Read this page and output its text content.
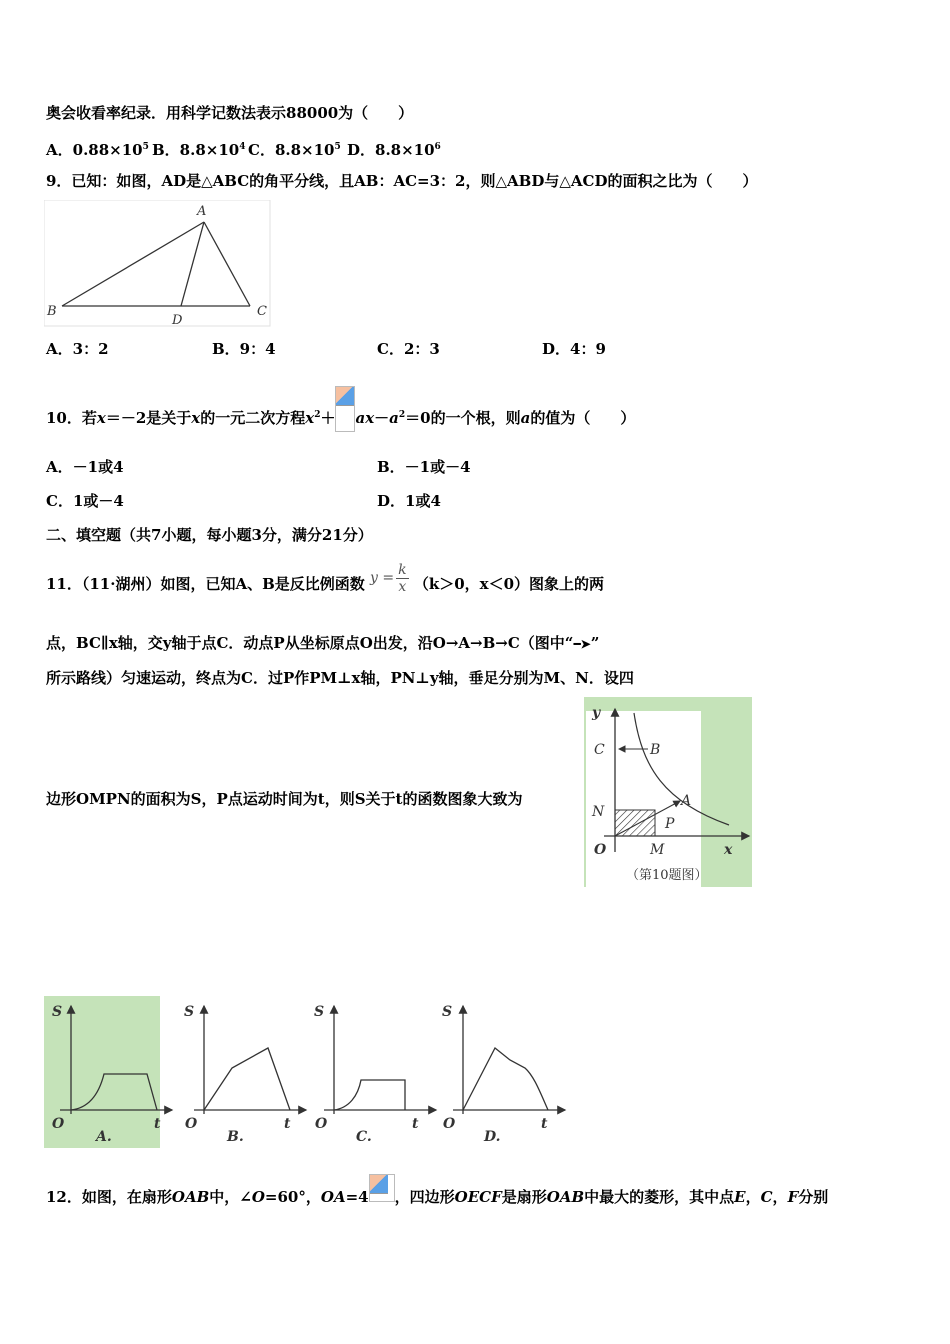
奥会收看率纪录．用科学记数法表示88000为（　　）
A．$0.88\times 10^5$ B．$8.8\times 10^4$ C．$8.8\times 10^5$ D．$8.8\times 10^6$
9．已知：如图，AD是△ABC的角平分线，且AB：AC=3：2，则△ABD与△ACD的面积之比为（　　）
A
B	C
D
A．3：2	B．9：4	C．2：3	D．4：9
10．若x＝－2是关于x的一元二次方程$x^2+ ax-a^2=0$的一个根，则a的值为（　　）
A．－1或4	B．－1或－4
C．1或－4	D．1或4
二、填空题（共7小题，每小题3分，满分21分）
11．（11·湖州）如图，已知A、B是反比例函数 $y = \frac{k}{x} (k>0$，x＜0）图象上的两
点，BC∥x轴，交y轴于点C．动点P从坐标原点O出发，沿O→A→B→C（图中“━➤”
所示路线）匀速运动，终点为C．过P作PM⊥x轴，PN⊥y轴，垂足分别为M、N．设四
边形OMPN的面积为S，P点运动时间为t，则S关于t的函数图象大致为
y
C	B
A
N
P
O	M	x
（第10题图）
S
O	t
A.
S
O	t
B.
S
O	t
C.
S
O	t
D.
12．如图，在扇形OAB中，∠O=60°，OA=4 ，四边形OECF是扇形OAB中最大的菱形，其中点E，C，F分别
